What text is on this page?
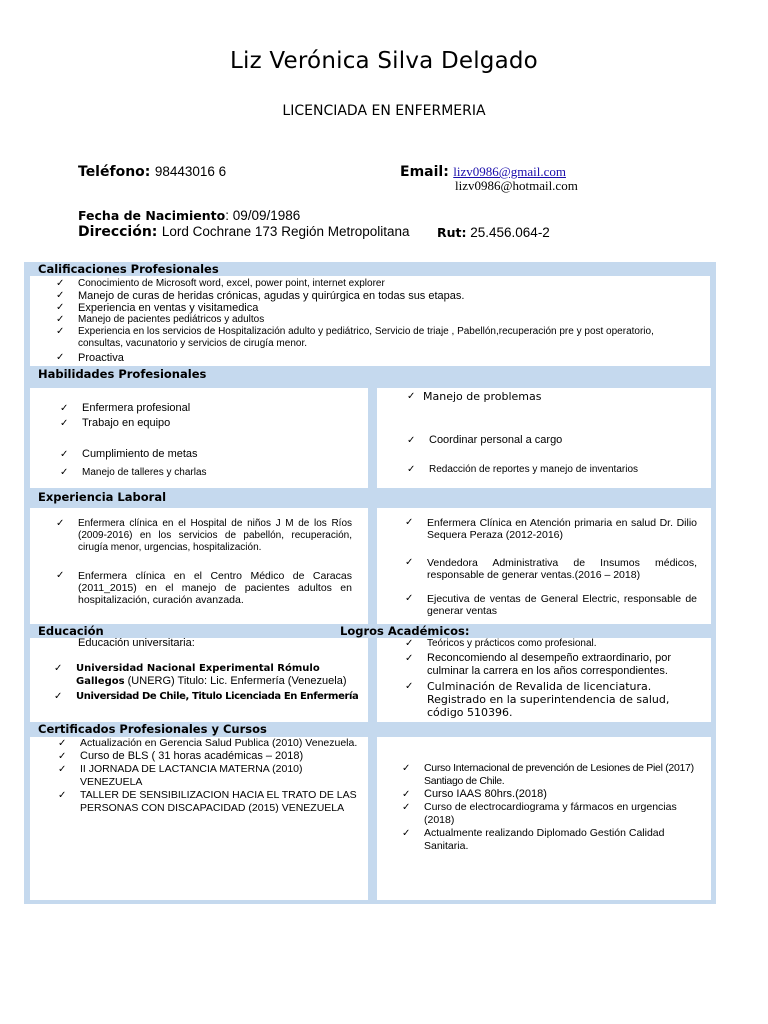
Liz Verónica Silva Delgado
LICENCIADA EN ENFERMERIA
Teléfono: 98443016 6	Email: lizv0986@gmail.com
lizv0986@hotmail.com
Fecha de Nacimiento: 09/09/1986
Dirección: Lord Cochrane 173 Región Metropolitana Rut: 25.456.064-2
Calificaciones Profesionales
✓ Conocimiento de Microsoft word, excel, power point, internet explorer
✓ Manejo de curas de heridas crónicas, agudas y quirúrgica en todas sus etapas.
✓ Experiencia en ventas y visitamedica
✓ Manejo de pacientes pediátricos y adultos
✓ Experiencia en los servicios de Hospitalización adulto y pediátrico, Servicio de triaje , Pabellón,recuperación pre y post operatorio, consultas, vacunatorio y servicios de cirugía menor.
✓ Proactiva
Habilidades Profesionales
✓ Enfermera profesional
✓ Trabajo en equipo
✓ Cumplimiento de metas
✓ Manejo de talleres y charlas
✓ Manejo de problemas
✓ Coordinar personal a cargo
✓ Redacción de reportes y manejo de inventarios
Experiencia Laboral
✓ Enfermera clínica en el Hospital de niños J M de los Ríos (2009-2016) en los servicios de pabellón, recuperación, cirugía menor, urgencias, hospitalización.
✓ Enfermera clínica en el Centro Médico de Caracas (2011_2015) en el manejo de pacientes adultos en hospitalización, curación avanzada.
✓ Enfermera Clínica en Atención primaria en salud Dr. Dilio Sequera Peraza (2012-2016)
✓ Vendedora Administrativa de Insumos médicos, responsable de generar ventas.(2016 – 2018)
✓ Ejecutiva de ventas de General Electric, responsable de generar ventas
Educación	Logros Académicos:
Educación universitaria:
✓ Universidad Nacional Experimental Rómulo Gallegos (UNERG) Titulo: Lic. Enfermería (Venezuela)
✓ Universidad De Chile, Titulo Licenciada En Enfermería
✓ Teóricos y prácticos como profesional.
✓ Reconcomiendo al desempeño extraordinario, por culminar la carrera en los años correspondientes.
✓ Culminación de Revalida de licenciatura. Registrado en la superintendencia de salud, código 510396.
Certificados Profesionales y Cursos
✓ Actualización en Gerencia Salud Publica (2010) Venezuela.
✓ Curso de BLS ( 31 horas académicas – 2018)
✓ II JORNADA DE LACTANCIA MATERNA (2010) VENEZUELA
✓ TALLER DE SENSIBILIZACION HACIA EL TRATO DE LAS PERSONAS CON DISCAPACIDAD (2015) VENEZUELA
✓ Curso Internacional de prevención de Lesiones de Piel (2017) Santiago de Chile.
✓ Curso IAAS 80hrs.(2018)
✓ Curso de electrocardiograma y fármacos en urgencias (2018)
✓ Actualmente realizando Diplomado Gestión Calidad Sanitaria.
